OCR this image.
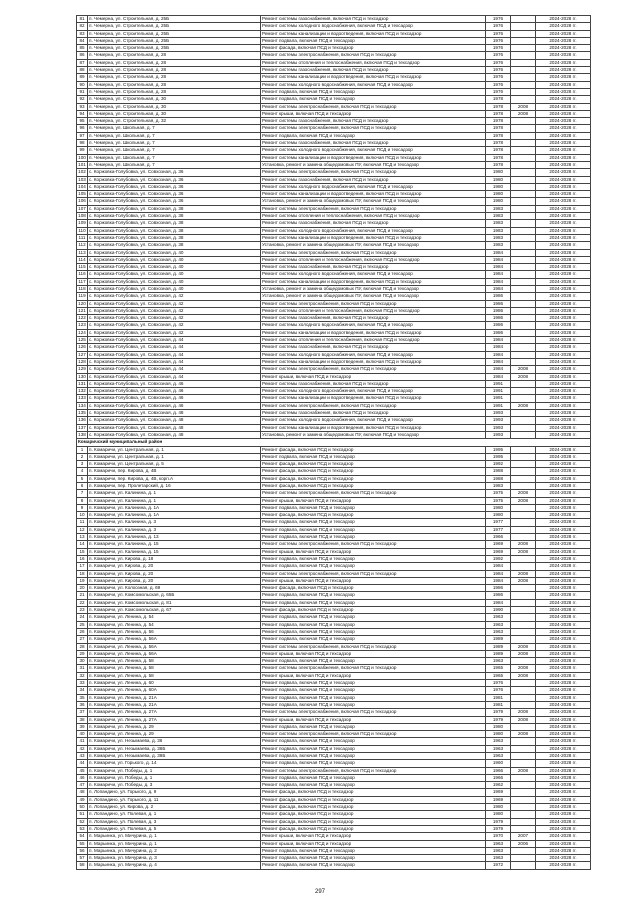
81	п. Чемерна, ул. Строительная, д. 25Б	Ремонт системы газоснабжения, включая ПСД и техсадзор	1976		2024-2028 гг.
82	п. Чемерна, ул. Строительная, д. 25Б	Ремонт системы холодного водоснабжения, включая ПСД и техсадзор	1976		2024-2028 гг.
83	п. Чемерна, ул. Строительная, д. 25Б	Ремонт системы канализации и водоотведения, включая ПСД и техсадзор	1976		2024-2028 гг.
84	п. Чемерна, ул. Строительная, д. 25Б	Ремонт подвала, включая ПСД и техсадзор	1976		2024-2028 гг.
85	п. Чемерна, ул. Строительная, д. 25Б	Ремонт фасада, включая ПСД и техсадзор	1976		2024-2028 гг.
86	п. Чемерна, ул. Строительная, д. 28	Ремонт системы электроснабжения, включая ПСД и техсадзор	1976		2024-2028 гг.
87	п. Чемерна, ул. Строительная, д. 28	Ремонт системы отопления и теплоснабжения, включая ПСД и техсадзор	1976		2024-2028 гг.
88	п. Чемерна, ул. Строительная, д. 28	Ремонт системы газоснабжения, включая ПСД и техсадзор	1976		2024-2028 гг.
89	п. Чемерна, ул. Строительная, д. 28	Ремонт системы канализации и водоотведения, включая ПСД и техсадзор	1976		2024-2028 гг.
90	п. Чемерна, ул. Строительная, д. 28	Ремонт системы холодного водоснабжения, включая ПСД и техсадзор	1976		2024-2028 гг.
91	п. Чемерна, ул. Строительная, д. 28	Ремонт подвала, включая ПСД и техсадзор	1976		2024-2028 гг.
92	п. Чемерна, ул. Строительная, д. 30	Ремонт подвала, включая ПСД и техсадзор	1978		2024-2028 гг.
93	п. Чемерна, ул. Строительная, д. 30	Ремонт системы электроснабжения, включая ПСД и техсадзор	1978	2008	2024-2028 гг.
94	п. Чемерна, ул. Строительная, д. 30	Ремонт крыши, включая ПСД и техсадзор	1978	2008	2024-2028 гг.
95	п. Чемерна, ул. Строительная, д. 32	Ремонт системы газоснабжения, включая ПСД и техсадзор	1978		2024-2028 гг.
96	п. Чемерна, ул. Школьная, д. 7	Ремонт системы электроснабжения, включая ПСД и техсадзор	1978		2024-2028 гг.
97	п. Чемерна, ул. Школьная, д. 7	Ремонт подвала, включая ПСД и техсадзор	1978		2024-2028 гг.
98	п. Чемерна, ул. Школьная, д. 7	Ремонт системы газоснабжения, включая ПСД и техсадзор	1978		2024-2028 гг.
99	п. Чемерна, ул. Школьная, д. 7	Ремонт системы холодного водоснабжения, включая ПСД и техсадзор	1978		2024-2028 гг.
100	п. Чемерна, ул. Школьная, д. 7	Ремонт системы канализации и водоотведения, включая ПСД и техсадзор	1978		2024-2028 гг.
101	п. Чемерна, ул. Школьная, д. 7	Установка, ремонт и замена общедомовых ПУ, включая ПСД и техсадзор	1978		2024-2028 гг.
102	с. Коржовка-Голубовка, ул. Совхозная, д. 36	Ремонт системы электроснабжения, включая ПСД и техсадзор	1980		2024-2028 гг.
103	с. Коржовка-Голубовка, ул. Совхозная, д. 36	Ремонт системы газоснабжения, включая ПСД и техсадзор	1980		2024-2028 гг.
104	с. Коржовка-Голубовка, ул. Совхозная, д. 36	Ремонт системы холодного водоснабжения, включая ПСД и техсадзор	1980		2024-2028 гг.
105	с. Коржовка-Голубовка, ул. Совхозная, д. 36	Ремонт системы канализации и водоотведения, включая ПСД и техсадзор	1980		2024-2028 гг.
106	с. Коржовка-Голубовка, ул. Совхозная, д. 36	Установка, ремонт и замена общедомовых ПУ, включая ПСД и техсадзор	1980		2024-2028 гг.
107	с. Коржовка-Голубовка, ул. Совхозная, д. 38	Ремонт системы электроснабжения, включая ПСД и техсадзор	1983		2024-2028 гг.
108	с. Коржовка-Голубовка, ул. Совхозная, д. 38	Ремонт системы отопления и теплоснабжения, включая ПСД и техсадзор	1983		2024-2028 гг.
109	с. Коржовка-Голубовка, ул. Совхозная, д. 38	Ремонт системы газоснабжения, включая ПСД и техсадзор	1983		2024-2028 гг.
110	с. Коржовка-Голубовка, ул. Совхозная, д. 38	Ремонт системы холодного водоснабжения, включая ПСД и техсадзор	1983		2024-2028 гг.
111	с. Коржовка-Голубовка, ул. Совхозная, д. 38	Ремонт системы канализации и водоотведения, включая ПСД и техсадзор	1983		2024-2028 гг.
112	с. Коржовка-Голубовка, ул. Совхозная, д. 38	Установка, ремонт и замена общедомовых ПУ, включая ПСД и техсадзор	1983		2024-2028 гг.
113	с. Коржовка-Голубовка, ул. Совхозная, д. 40	Ремонт системы электроснабжения, включая ПСД и техсадзор	1984		2024-2028 гг.
114	с. Коржовка-Голубовка, ул. Совхозная, д. 40	Ремонт системы отопления и теплоснабжения, включая ПСД и техсадзор	1984		2024-2028 гг.
115	с. Коржовка-Голубовка, ул. Совхозная, д. 40	Ремонт системы газоснабжения, включая ПСД и техсадзор	1984		2024-2028 гг.
116	с. Коржовка-Голубовка, ул. Совхозная, д. 40	Ремонт системы холодного водоснабжения, включая ПСД и техсадзор	1984		2024-2028 гг.
117	с. Коржовка-Голубовка, ул. Совхозная, д. 40	Ремонт системы канализации и водоотведения, включая ПСД и техсадзор	1984		2024-2028 гг.
118	с. Коржовка-Голубовка, ул. Совхозная, д. 40	Установка, ремонт и замена общедомовых ПУ, включая ПСД и техсадзор	1984		2024-2028 гг.
119	с. Коржовка-Голубовка, ул. Совхозная, д. 42	Установка, ремонт и замена общедомовых ПУ, включая ПСД и техсадзор	1986		2024-2028 гг.
120	с. Коржовка-Голубовка, ул. Совхозная, д. 42	Ремонт системы электроснабжения, включая ПСД и техсадзор	1986		2024-2028 гг.
121	с. Коржовка-Голубовка, ул. Совхозная, д. 42	Ремонт системы отопления и теплоснабжения, включая ПСД и техсадзор	1986		2024-2028 гг.
122	с. Коржовка-Голубовка, ул. Совхозная, д. 42	Ремонт системы газоснабжения, включая ПСД и техсадзор	1986		2024-2028 гг.
123	с. Коржовка-Голубовка, ул. Совхозная, д. 42	Ремонт системы холодного водоснабжения, включая ПСД и техсадзор	1986		2024-2028 гг.
124	с. Коржовка-Голубовка, ул. Совхозная, д. 42	Ремонт системы канализации и водоотведения, включая ПСД и техсадзор	1986		2024-2028 гг.
125	с. Коржовка-Голубовка, ул. Совхозная, д. 44	Ремонт системы отопления и теплоснабжения, включая ПСД и техсадзор	1984		2024-2028 гг.
126	с. Коржовка-Голубовка, ул. Совхозная, д. 44	Ремонт системы газоснабжения, включая ПСД и техсадзор	1984		2024-2028 гг.
127	с. Коржовка-Голубовка, ул. Совхозная, д. 44	Ремонт системы холодного водоснабжения, включая ПСД и техсадзор	1984		2024-2028 гг.
128	с. Коржовка-Голубовка, ул. Совхозная, д. 44	Ремонт системы канализации и водоотведения, включая ПСД и техсадзор	1984		2024-2028 гг.
129	с. Коржовка-Голубовка, ул. Совхозная, д. 44	Ремонт системы электроснабжения, включая ПСД и техсадзор	1984	2008	2024-2028 гг.
130	с. Коржовка-Голубовка, ул. Совхозная, д. 44	Ремонт крыши, включая ПСД и техсадзор	1984	2008	2024-2028 гг.
131	с. Коржовка-Голубовка, ул. Совхозная, д. 46	Ремонт системы газоснабжения, включая ПСД и техсадзор	1991		2024-2028 гг.
132	с. Коржовка-Голубовка, ул. Совхозная, д. 46	Ремонт системы холодного водоснабжения, включая ПСД и техсадзор	1991		2024-2028 гг.
133	с. Коржовка-Голубовка, ул. Совхозная, д. 46	Ремонт системы канализации и водоотведения, включая ПСД и техсадзор	1991		2024-2028 гг.
134	с. Коржовка-Голубовка, ул. Совхозная, д. 46	Ремонт системы электроснабжения, включая ПСД и техсадзор	1991	2008	2024-2028 гг.
135	с. Коржовка-Голубовка, ул. Совхозная, д. 48	Ремонт системы газоснабжения, включая ПСД и техсадзор	1993		2024-2028 гг.
136	с. Коржовка-Голубовка, ул. Совхозная, д. 48	Ремонт системы холодного водоснабжения, включая ПСД и техсадзор	1993		2024-2028 гг.
137	с. Коржовка-Голубовка, ул. Совхозная, д. 48	Ремонт системы канализации и водоотведения, включая ПСД и техсадзор	1993		2024-2028 гг.
138	с. Коржовка-Голубовка, ул. Совхозная, д. 48	Установка, ремонт и замена общедомовых ПУ, включая ПСД и техсадзор	1993		2024-2028 гг.
Комаричский муниципальный район					
1	п. Комаричи, ул. Центральная, д. 1	Ремонт фасада, включая ПСД и техсадзор	1995		2024-2028 гг.
2	п. Комаричи, ул. Центральная, д. 1	Ремонт подвала, включая ПСД и техсадзор	1995		2024-2028 гг.
3	п. Комаричи, ул. Центральная, д. 5	Ремонт фасада, включая ПСД и техсадзор	1992		2024-2028 гг.
4	п. Комаричи, пер. Кирова, д. 4В	Ремонт фасада, включая ПСД и техсадзор	1988		2024-2028 гг.
5	п. Комаричи, пер. Кирова, д. 4В, корп.А	Ремонт фасада, включая ПСД и техсадзор	1988		2024-2028 гг.
6	п. Комаричи, пер. Пролетарский, д. 16	Ремонт фасада, включая ПСД и техсадзор	1983		2024-2028 гг.
7	п. Комаричи, ул. Калинина, д. 1	Ремонт системы электроснабжения, включая ПСД и техсадзор	1975	2008	2024-2028 гг.
8	п. Комаричи, ул. Калинина, д. 1	Ремонт крыши, включая ПСД и техсадзор	1975	2008	2024-2028 гг.
9	п. Комаричи, ул. Калинина, д. 1А	Ремонт подвала, включая ПСД и техсадзор	1980		2024-2028 гг.
10	п. Комаричи, ул. Калинина, д. 1А	Ремонт фасада, включая ПСД и техсадзор	1980		2024-2028 гг.
11	п. Комаричи, ул. Калинина, д. 3	Ремонт подвала, включая ПСД и техсадзор	1977		2024-2028 гг.
12	п. Комаричи, ул. Калинина, д. 3	Ремонт подвала, включая ПСД и техсадзор	1977		2024-2028 гг.
13	п. Комаричи, ул. Калинина, д. 13	Ремонт подвала, включая ПСД и техсадзор	1966		2024-2028 гг.
14	п. Комаричи, ул. Калинина, д. 15	Ремонт системы электроснабжения, включая ПСД и техсадзор	1969	2008	2024-2028 гг.
15	п. Комаричи, ул. Калинина, д. 15	Ремонт крыши, включая ПСД и техсадзор	1969	2008	2024-2028 гг.
16	п. Комаричи, ул. Кирова, д. 18	Ремонт подвала, включая ПСД и техсадзор	1992		2024-2028 гг.
17	п. Комаричи, ул. Кирова, д. 20	Ремонт подвала, включая ПСД и техсадзор	1984		2024-2028 гг.
18	п. Комаричи, ул. Кирова, д. 20	Ремонт системы электроснабжения, включая ПСД и техсадзор	1984	2008	2024-2028 гг.
19	п. Комаричи, ул. Кирова, д. 20	Ремонт крыши, включая ПСД и техсадзор	1984	2008	2024-2028 гг.
20	п. Комаричи, ул. Колхозная, д. 69	Ремонт фасада, включая ПСД и техсадзор	1986		2024-2028 гг.
21	п. Комаричи, ул. Комсомольская, д. 65Б	Ремонт подвала, включая ПСД и техсадзор	1986		2024-2028 гг.
22	п. Комаричи, ул. Комсомольская, д. 81	Ремонт подвала, включая ПСД и техсадзор	1984		2024-2028 гг.
23	п. Комаричи, ул. Комсомольская, д. 67	Ремонт фасада, включая ПСД и техсадзор	1990		2024-2028 гг.
24	п. Комаричи, ул. Ленина, д. 54	Ремонт подвала, включая ПСД и техсадзор	1963		2024-2028 гг.
25	п. Комаричи, ул. Ленина, д. 54	Ремонт подвала, включая ПСД и техсадзор	1963		2024-2028 гг.
26	п. Комаричи, ул. Ленина, д. 56	Ремонт подвала, включая ПСД и техсадзор	1963		2024-2028 гг.
27	п. Комаричи, ул. Ленина, д. 56А	Ремонт подвала, включая ПСД и техсадзор	1989		2024-2028 гг.
28	п. Комаричи, ул. Ленина, д. 56А	Ремонт системы электроснабжения, включая ПСД и техсадзор	1989	2008	2024-2028 гг.
29	п. Комаричи, ул. Ленина, д. 56А	Ремонт крыши, включая ПСД и техсадзор	1989	2008	2024-2028 гг.
30	п. Комаричи, ул. Ленина, д. 58	Ремонт подвала, включая ПСД и техсадзор	1963		2024-2028 гг.
31	п. Комаричи, ул. Ленина, д. 58	Ремонт системы электроснабжения, включая ПСД и техсадзор	1965	2008	2024-2028 гг.
32	п. Комаричи, ул. Ленина, д. 58	Ремонт крыши, включая ПСД и техсадзор	1965	2008	2024-2028 гг.
33	п. Комаричи, ул. Ленина, д. 60	Ремонт подвала, включая ПСД и техсадзор	1976		2024-2028 гг.
34	п. Комаричи, ул. Ленина, д. 60А	Ремонт подвала, включая ПСД и техсадзор	1976		2024-2028 гг.
35	п. Комаричи, ул. Ленина, д. 21А	Ремонт подвала, включая ПСД и техсадзор	1981		2024-2028 гг.
36	п. Комаричи, ул. Ленина, д. 21А	Ремонт подвала, включая ПСД и техсадзор	1981		2024-2028 гг.
37	п. Комаричи, ул. Ленина, д. 27А	Ремонт системы электроснабжения, включая ПСД и техсадзор	1979	2008	2024-2028 гг.
38	п. Комаричи, ул. Ленина, д. 27А	Ремонт крыши, включая ПСД и техсадзор	1979	2008	2024-2028 гг.
39	п. Комаричи, ул. Ленина, д. 29	Ремонт подвала, включая ПСД и техсадзор	1980		2024-2028 гг.
40	п. Комаричи, ул. Ленина, д. 29	Ремонт системы электроснабжения, включая ПСД и техсадзор	1980	2008	2024-2028 гг.
41	п. Комаричи, ул. Незымаева, д. 36	Ремонт подвала, включая ПСД и техсадзор	1963		2024-2028 гг.
42	п. Комаричи, ул. Незымаева, д. 36Б	Ремонт подвала, включая ПСД и техсадзор	1963		2024-2028 гг.
43	п. Комаричи, ул. Незымаева, д. 36Б	Ремонт подвала, включая ПСД и техсадзор	1963		2024-2028 гг.
44	п. Комаричи, ул. Горького, д. 14	Ремонт подвала, включая ПСД и техсадзор	1960		2024-2028 гг.
45	п. Комаричи, ул. Победы, д. 1	Ремонт системы электроснабжения, включая ПСД и техсадзор	1966	2008	2024-2028 гг.
46	п. Комаричи, ул. Победы, д. 1	Ремонт подвала, включая ПСД и техсадзор	1966		2024-2028 гг.
47	п. Комаричи, ул. Победы, д. 3	Ремонт подвала, включая ПСД и техсадзор	1962		2024-2028 гг.
48	п. Лопандино, ул. Горького, д. 9	Ремонт фасада, включая ПСД и техсадзор	1969		2024-2028 гг.
49	п. Лопандино, ул. Горького, д. 11	Ремонт фасада, включая ПСД и техсадзор	1969		2024-2028 гг.
50	п. Лопандино, ул. Кирова, д. 2	Ремонт фасада, включая ПСД и техсадзор	1980		2024-2028 гг.
51	п. Лопандино, ул. Полевая, д. 1	Ремонт фасада, включая ПСД и техсадзор	1980		2024-2028 гг.
52	п. Лопандино, ул. Полевая, д. 3	Ремонт фасада, включая ПСД и техсадзор	1979		2024-2028 гг.
53	п. Лопандино, ул. Полевая, д. 5	Ремонт фасада, включая ПСД и техсадзор	1979		2024-2028 гг.
54	п. Марьинка, ул. Мичурина, д. 1	Ремонт крыши, включая ПСД и техсадзор	1970	2007	2024-2028 гг.
55	п. Марьинка, ул. Мичурина, д. 1	Ремонт крыши, включая ПСД и техсадзор	1963	2006	2024-2028 гг.
56	п. Марьинка, ул. Мичурина, д. 2	Ремонт подвала, включая ПСД и техсадзор	1963		2024-2028 гг.
57	п. Марьинка, ул. Мичурина, д. 3	Ремонт подвала, включая ПСД и техсадзор	1963		2024-2028 гг.
58	п. Марьинка, ул. Мичурина, д. 4	Ремонт подвала, включая ПСД и техсадзор	1972		2024-2028 гг.
297
